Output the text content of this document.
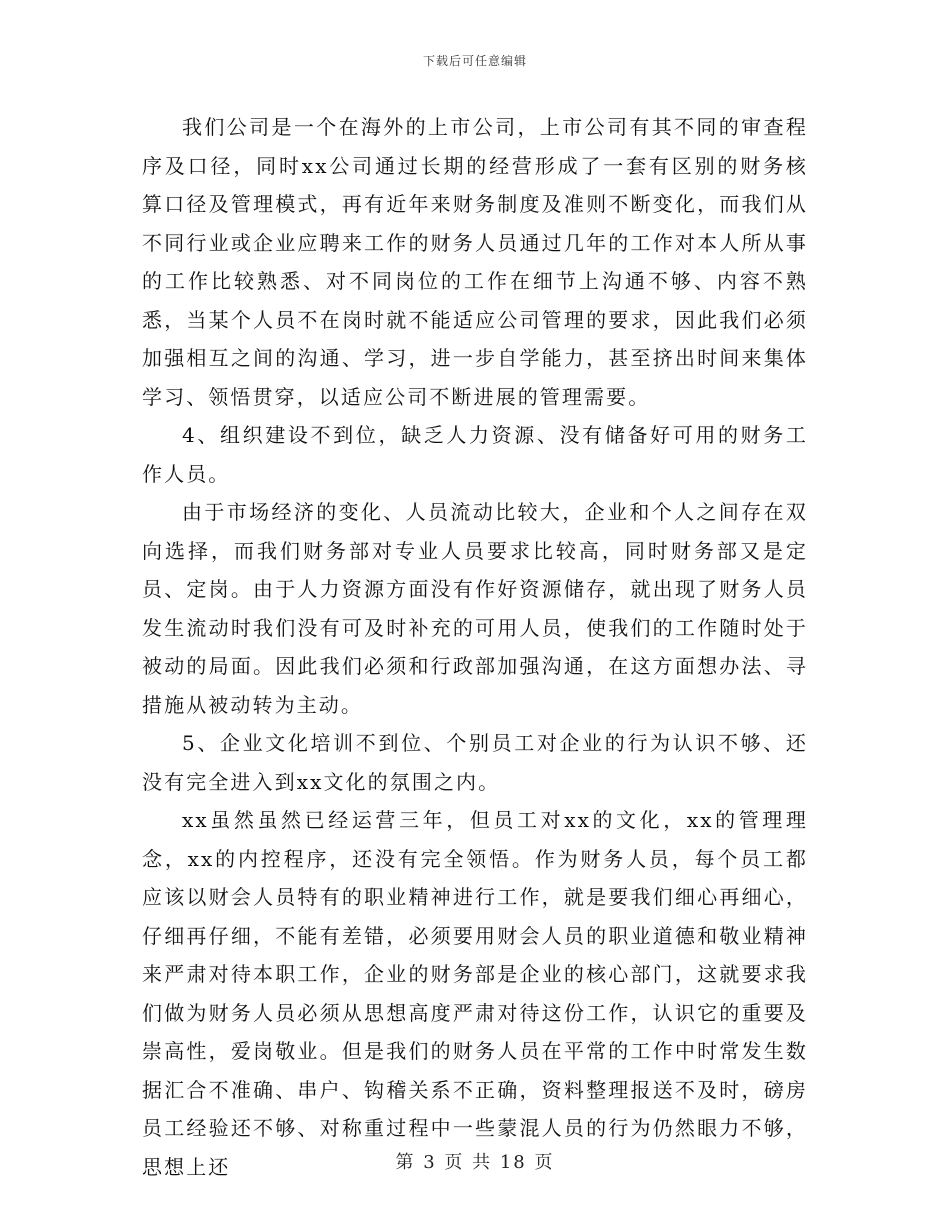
下载后可任意编辑

我们公司是一个在海外的上市公司，上市公司有其不同的审查程序及口径，同时xx公司通过长期的经营形成了一套有区别的财务核算口径及管理模式，再有近年来财务制度及准则不断变化，而我们从不同行业或企业应聘来工作的财务人员通过几年的工作对本人所从事的工作比较熟悉、对不同岗位的工作在细节上沟通不够、内容不熟悉，当某个人员不在岗时就不能适应公司管理的要求，因此我们必须加强相互之间的沟通、学习，进一步自学能力，甚至挤出时间来集体学习、领悟贯穿，以适应公司不断进展的管理需要。

4、组织建设不到位，缺乏人力资源、没有储备好可用的财务工作人员。

由于市场经济的变化、人员流动比较大，企业和个人之间存在双向选择，而我们财务部对专业人员要求比较高，同时财务部又是定员、定岗。由于人力资源方面没有作好资源储存，就出现了财务人员发生流动时我们没有可及时补充的可用人员，使我们的工作随时处于被动的局面。因此我们必须和行政部加强沟通，在这方面想办法、寻措施从被动转为主动。

5、企业文化培训不到位、个别员工对企业的行为认识不够、还没有完全进入到xx文化的氛围之内。

xx虽然虽然已经运营三年，但员工对xx的文化，xx的管理理念，xx的内控程序，还没有完全领悟。作为财务人员，每个员工都应该以财会人员特有的职业精神进行工作，就是要我们细心再细心，仔细再仔细，不能有差错，必须要用财会人员的职业道德和敬业精神来严肃对待本职工作，企业的财务部是企业的核心部门，这就要求我们做为财务人员必须从思想高度严肃对待这份工作，认识它的重要及崇高性，爱岗敬业。但是我们的财务人员在平常的工作中时常发生数据汇合不准确、串户、钩稽关系不正确，资料整理报送不及时，磅房员工经验还不够、对称重过程中一些蒙混人员的行为仍然眼力不够，思想上还	第 3 页 共 18 页
